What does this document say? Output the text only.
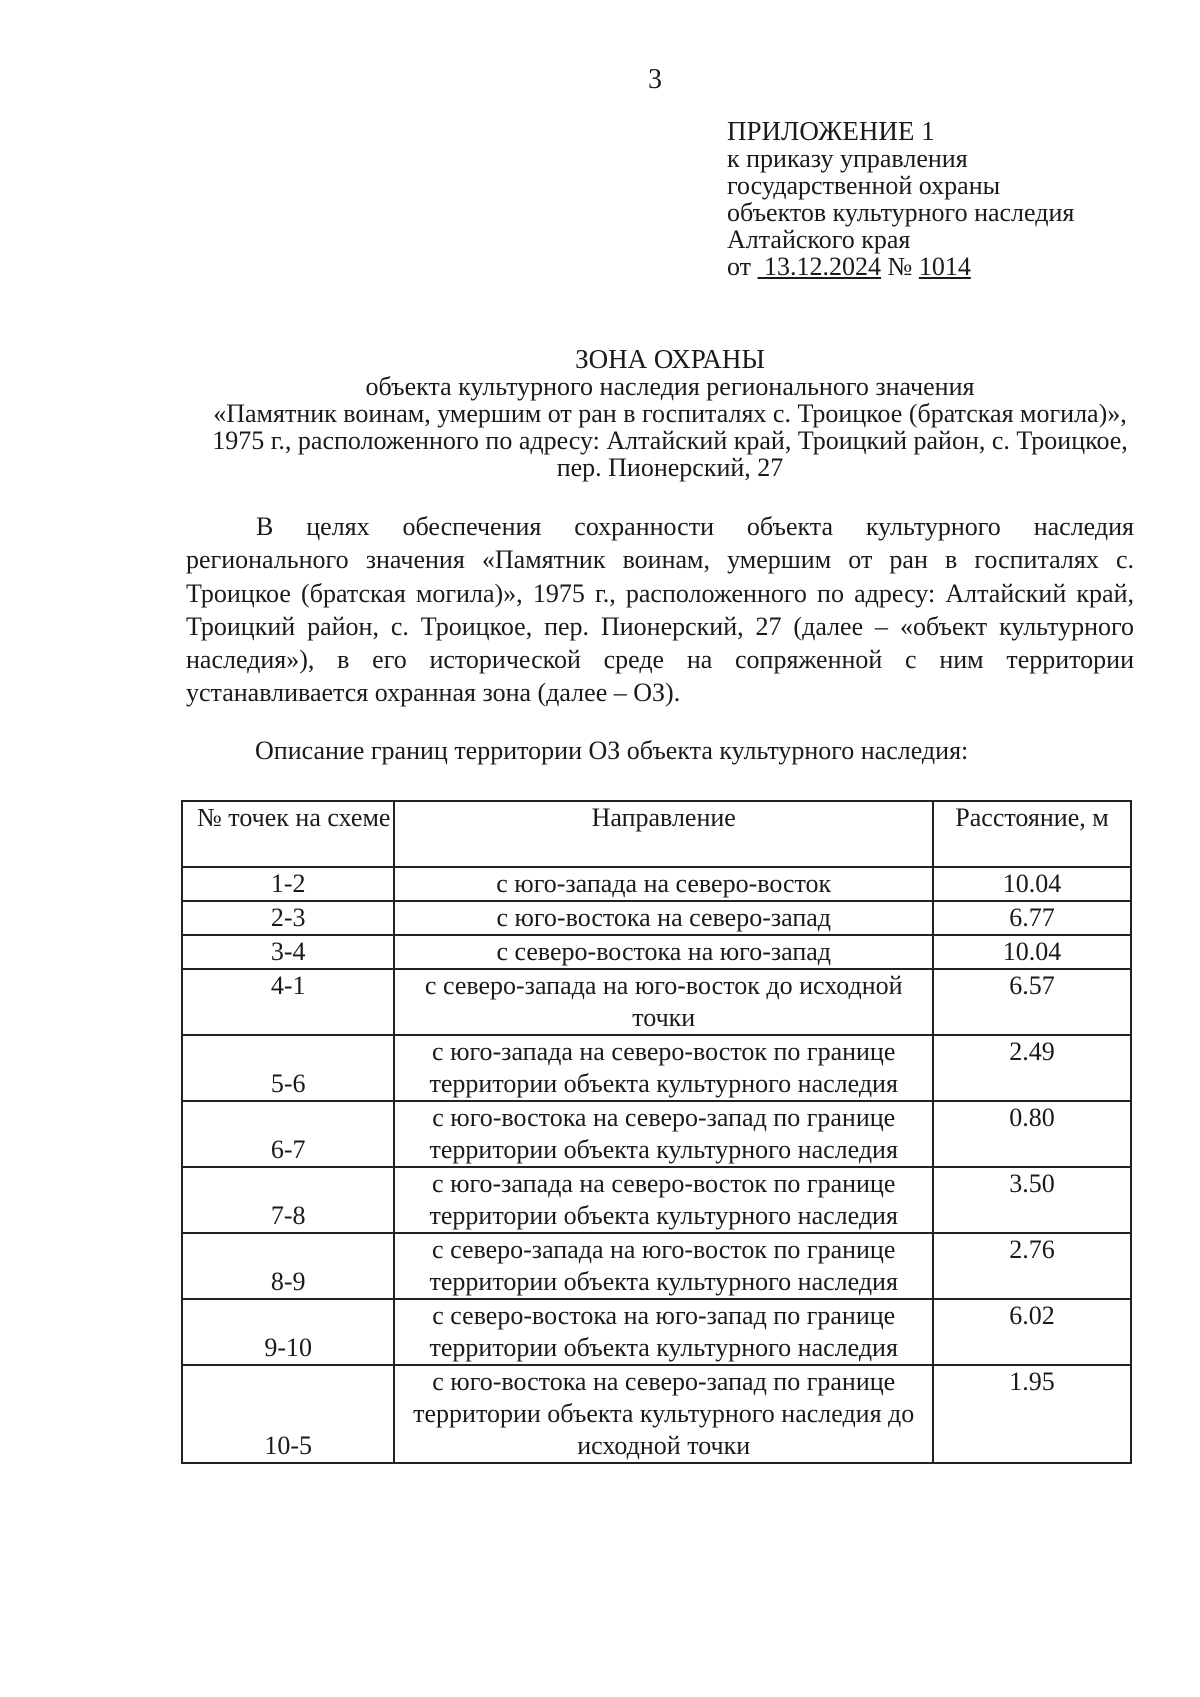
3
ПРИЛОЖЕНИЕ 1
к приказу управления
государственной охраны
объектов культурного наследия
Алтайского края
от 13.12.2024 № 1014
ЗОНА ОХРАНЫ
объекта культурного наследия регионального значения
«Памятник воинам, умершим от ран в госпиталях с. Троицкое (братская могила)», 1975 г., расположенного по адресу: Алтайский край, Троицкий район, с. Троицкое, пер. Пионерский, 27
В целях обеспечения сохранности объекта культурного наследия регионального значения «Памятник воинам, умершим от ран в госпиталях с. Троицкое (братская могила)», 1975 г., расположенного по адресу: Алтайский край, Троицкий район, с. Троицкое, пер. Пионерский, 27 (далее – «объект культурного наследия»), в его исторической среде на сопряженной с ним территории устанавливается охранная зона (далее – ОЗ).
Описание границ территории ОЗ объекта культурного наследия:
№ точек на схеме	Направление	Расстояние, м
1-2	с юго-запада на северо-восток	10.04
2-3	с юго-востока на северо-запад	6.77
3-4	с северо-востока на юго-запад	10.04
4-1	с северо-запада на юго-восток до исходной точки	6.57
5-6	с юго-запада на северо-восток по границе территории объекта культурного наследия	2.49
6-7	с юго-востока на северо-запад по границе территории объекта культурного наследия	0.80
7-8	с юго-запада на северо-восток по границе территории объекта культурного наследия	3.50
8-9	с северо-запада на юго-восток по границе территории объекта культурного наследия	2.76
9-10	с северо-востока на юго-запад по границе территории объекта культурного наследия	6.02
10-5	с юго-востока на северо-запад по границе территории объекта культурного наследия до исходной точки	1.95
